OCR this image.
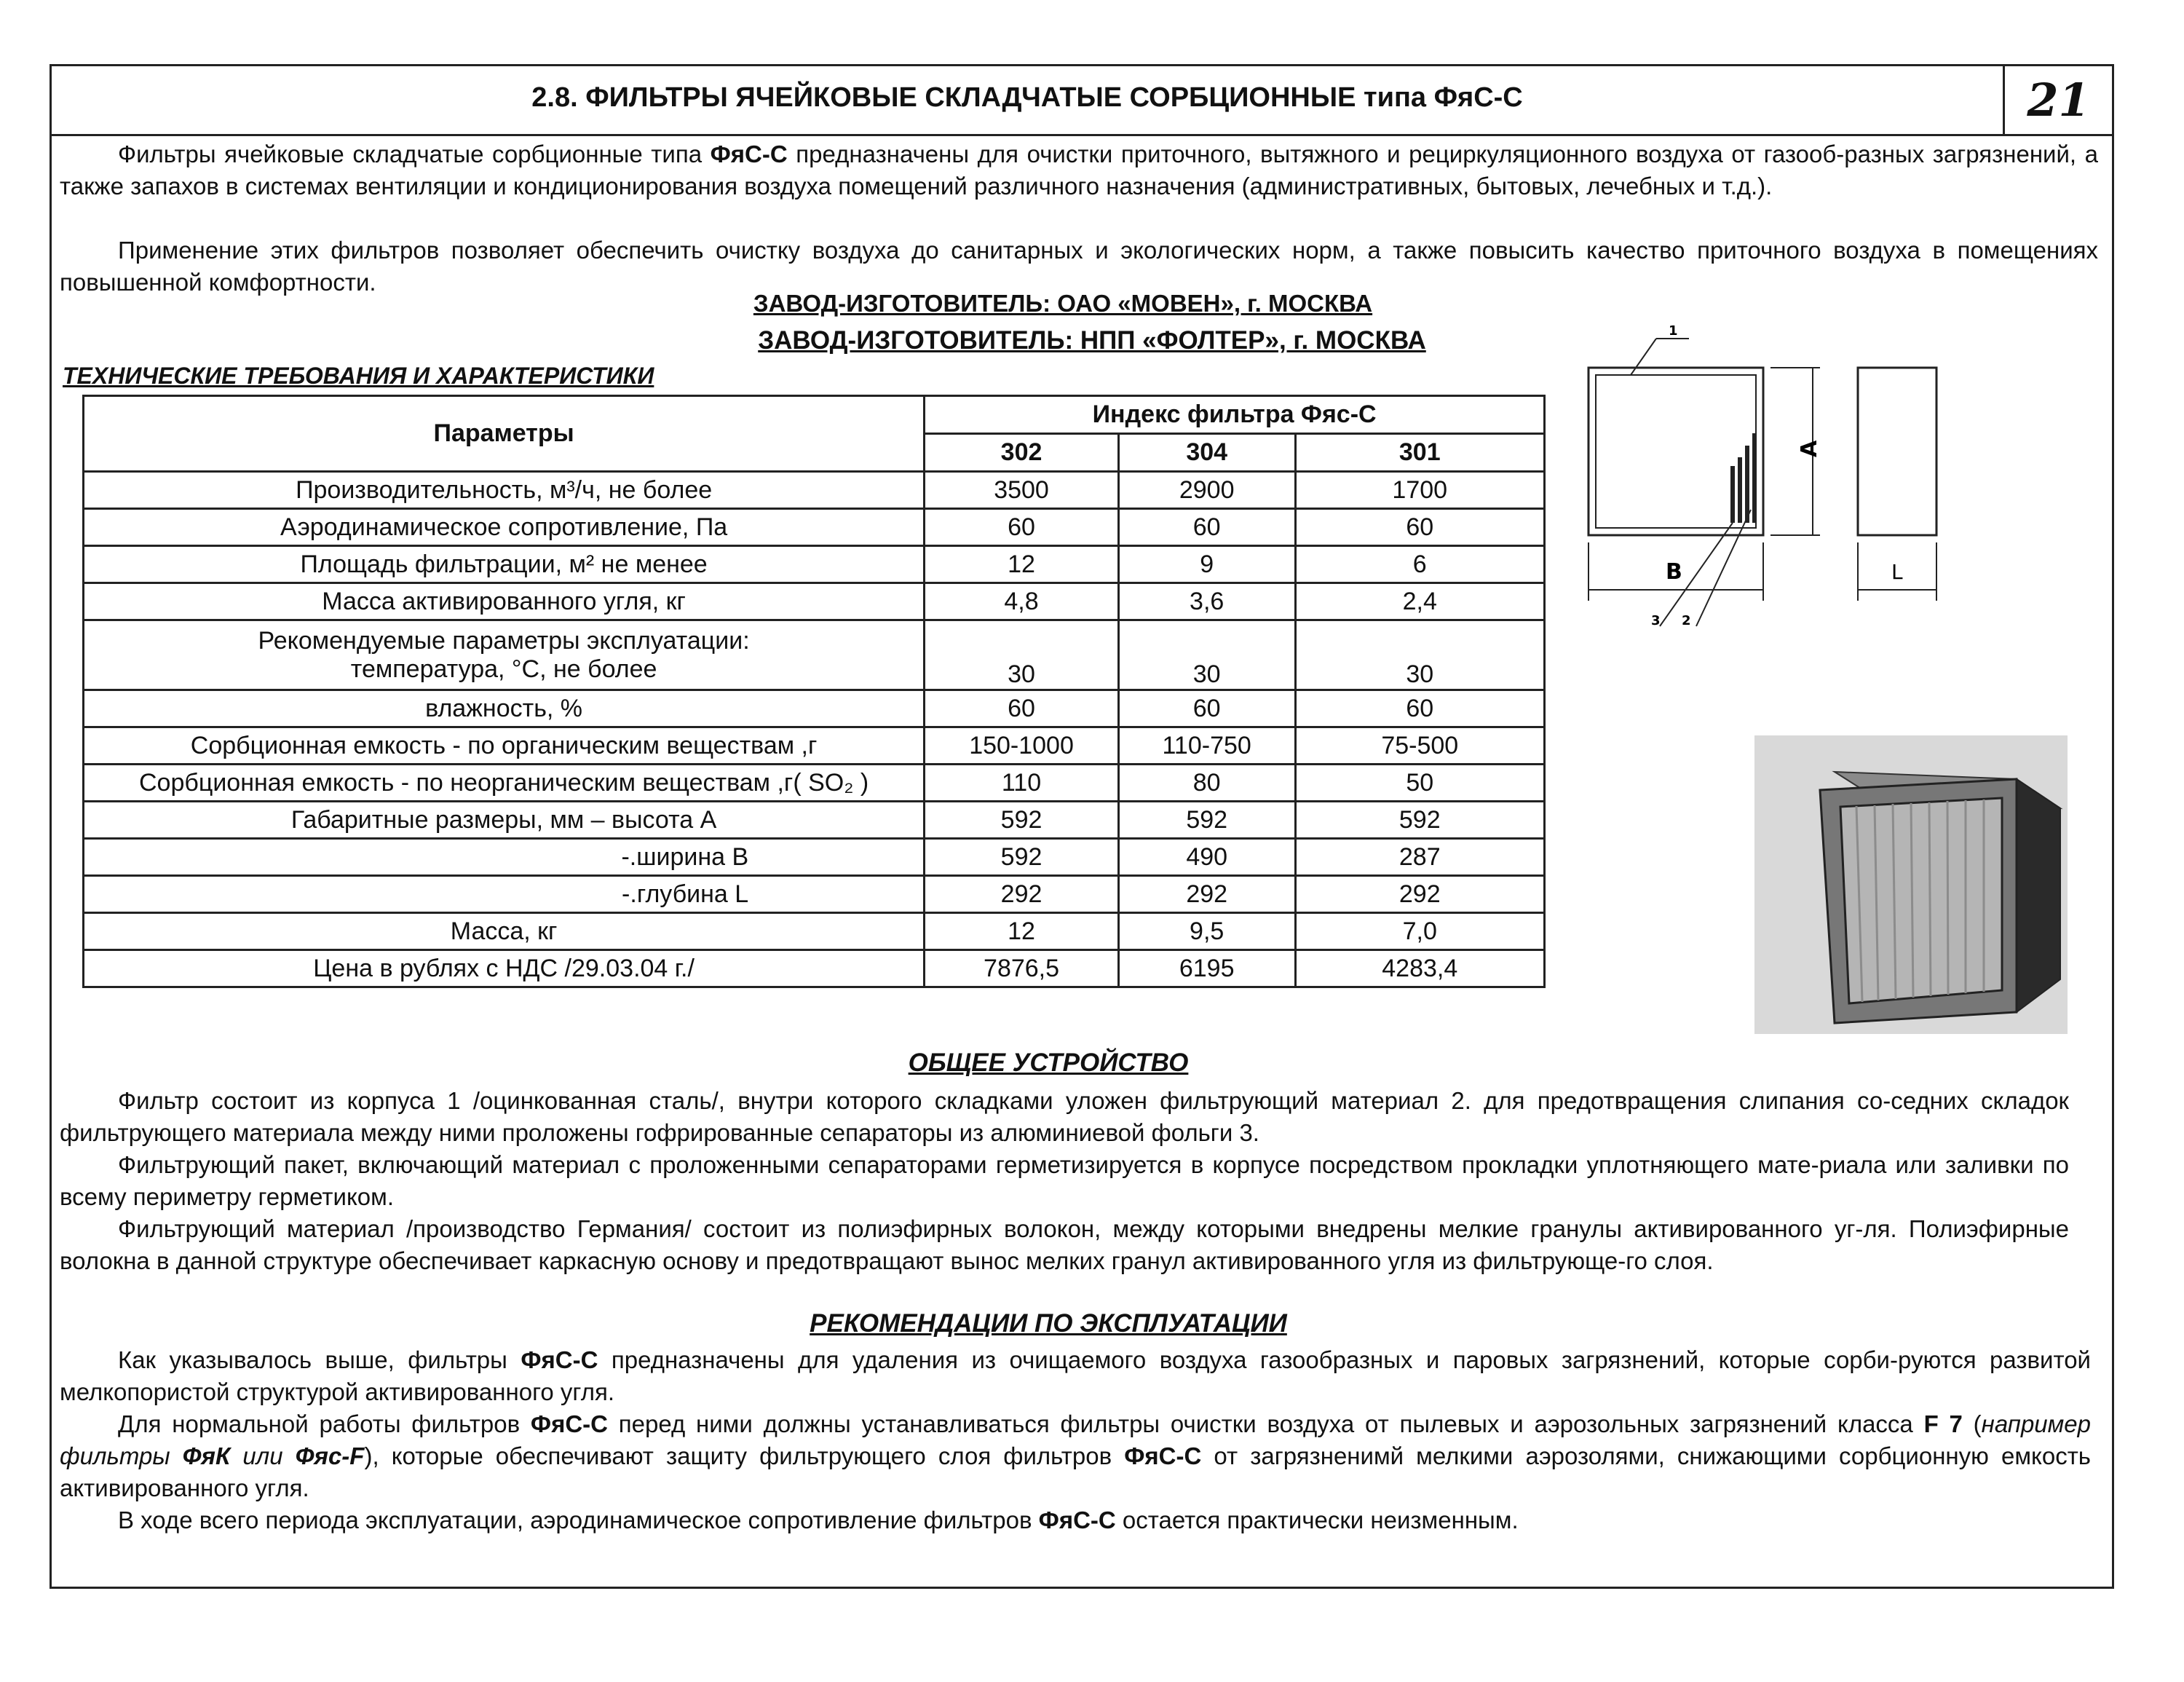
2.8. ФИЛЬТРЫ ЯЧЕЙКОВЫЕ СКЛАДЧАТЫЕ СОРБЦИОННЫЕ типа ФяС-С	21

Фильтры ячейковые складчатые сорбционные типа ФяС-С предназначены для очистки приточного, вытяжного и рециркуляционного воздуха от газооб-разных загрязнений, а также запахов в системах вентиляции и кондиционирования воздуха помещений различного назначения (административных, бытовых, лечебных и т.д.).

Применение этих фильтров позволяет обеспечить очистку воздуха до санитарных и экологических норм, а также повысить качество приточного воздуха в помещениях повышенной комфортности.

ЗАВОД-ИЗГОТОВИТЕЛЬ: ОАО «МОВЕН», г. МОСКВА

ЗАВОД-ИЗГОТОВИТЕЛЬ: НПП «ФОЛТЕР», г. МОСКВА

ТЕХНИЧЕСКИЕ ТРЕБОВАНИЯ И ХАРАКТЕРИСТИКИ

Параметры	Индекс фильтра Фяс-С		
	302	304	301
Производительность, м³/ч, не более	3500	2900	1700
Аэродинамическое сопротивление, Па	60	60	60
Площадь фильтрации, м² не менее	12	9	6
Масса активированного угля, кг	4,8	3,6	2,4

Рекомендуемые параметры эксплуатации:
температура, °С, не более	30	30	30
влажность, %	60	60	60
Сорбционная емкость - по органическим веществам ,г	150-1000	110-750	75-500
Сорбционная емкость - по неорганическим веществам ,г( SO₂ )	110	80	50
Габаритные размеры, мм – высота А	592	592	592
-.ширина В	592	490	287
-.глубина L	292	292	292
Масса, кг	12	9,5	7,0
Цена в рублях с НДС /29.03.04 г./	7876,5	6195	4283,4
1
А
В
3 2
L

ОБЩЕЕ УСТРОЙСТВО

Фильтр состоит из корпуса 1 /оцинкованная сталь/, внутри которого складками уложен фильтрующий материал 2. для предотвращения слипания со-седних складок фильтрующего материала между ними проложены гофрированные сепараторы из алюминиевой фольги 3.

Фильтрующий пакет, включающий материал с проложенными сепараторами герметизируется в корпусе посредством прокладки уплотняющего мате-риала или заливки по всему периметру герметиком.

Фильтрующий материал /производство Германия/ состоит из полиэфирных волокон, между которыми внедрены мелкие гранулы активированного уг-ля. Полиэфирные волокна в данной структуре обеспечивает каркасную основу и предотвращают вынос мелких гранул активированного угля из фильтрующе-го слоя.

РЕКОМЕНДАЦИИ ПО ЭКСПЛУАТАЦИИ

Как указывалось выше, фильтры ФяС-С предназначены для удаления из очищаемого воздуха газообразных и паровых загрязнений, которые сорби-руются развитой мелкопористой структурой активированного угля.

Для нормальной работы фильтров ФяС-С перед ними должны устанавливаться фильтры очистки воздуха от пылевых и аэрозольных загрязнений класса F 7 (например фильтры ФяК или Фяс-F), которые обеспечивают защиту фильтрующего слоя фильтров ФяС-С от загрязненимй мелкими аэрозолями, снижающими сорбционную емкость активированного угля.

В ходе всего периода эксплуатации, аэродинамическое сопротивление фильтров ФяС-С остается практически неизменным.
